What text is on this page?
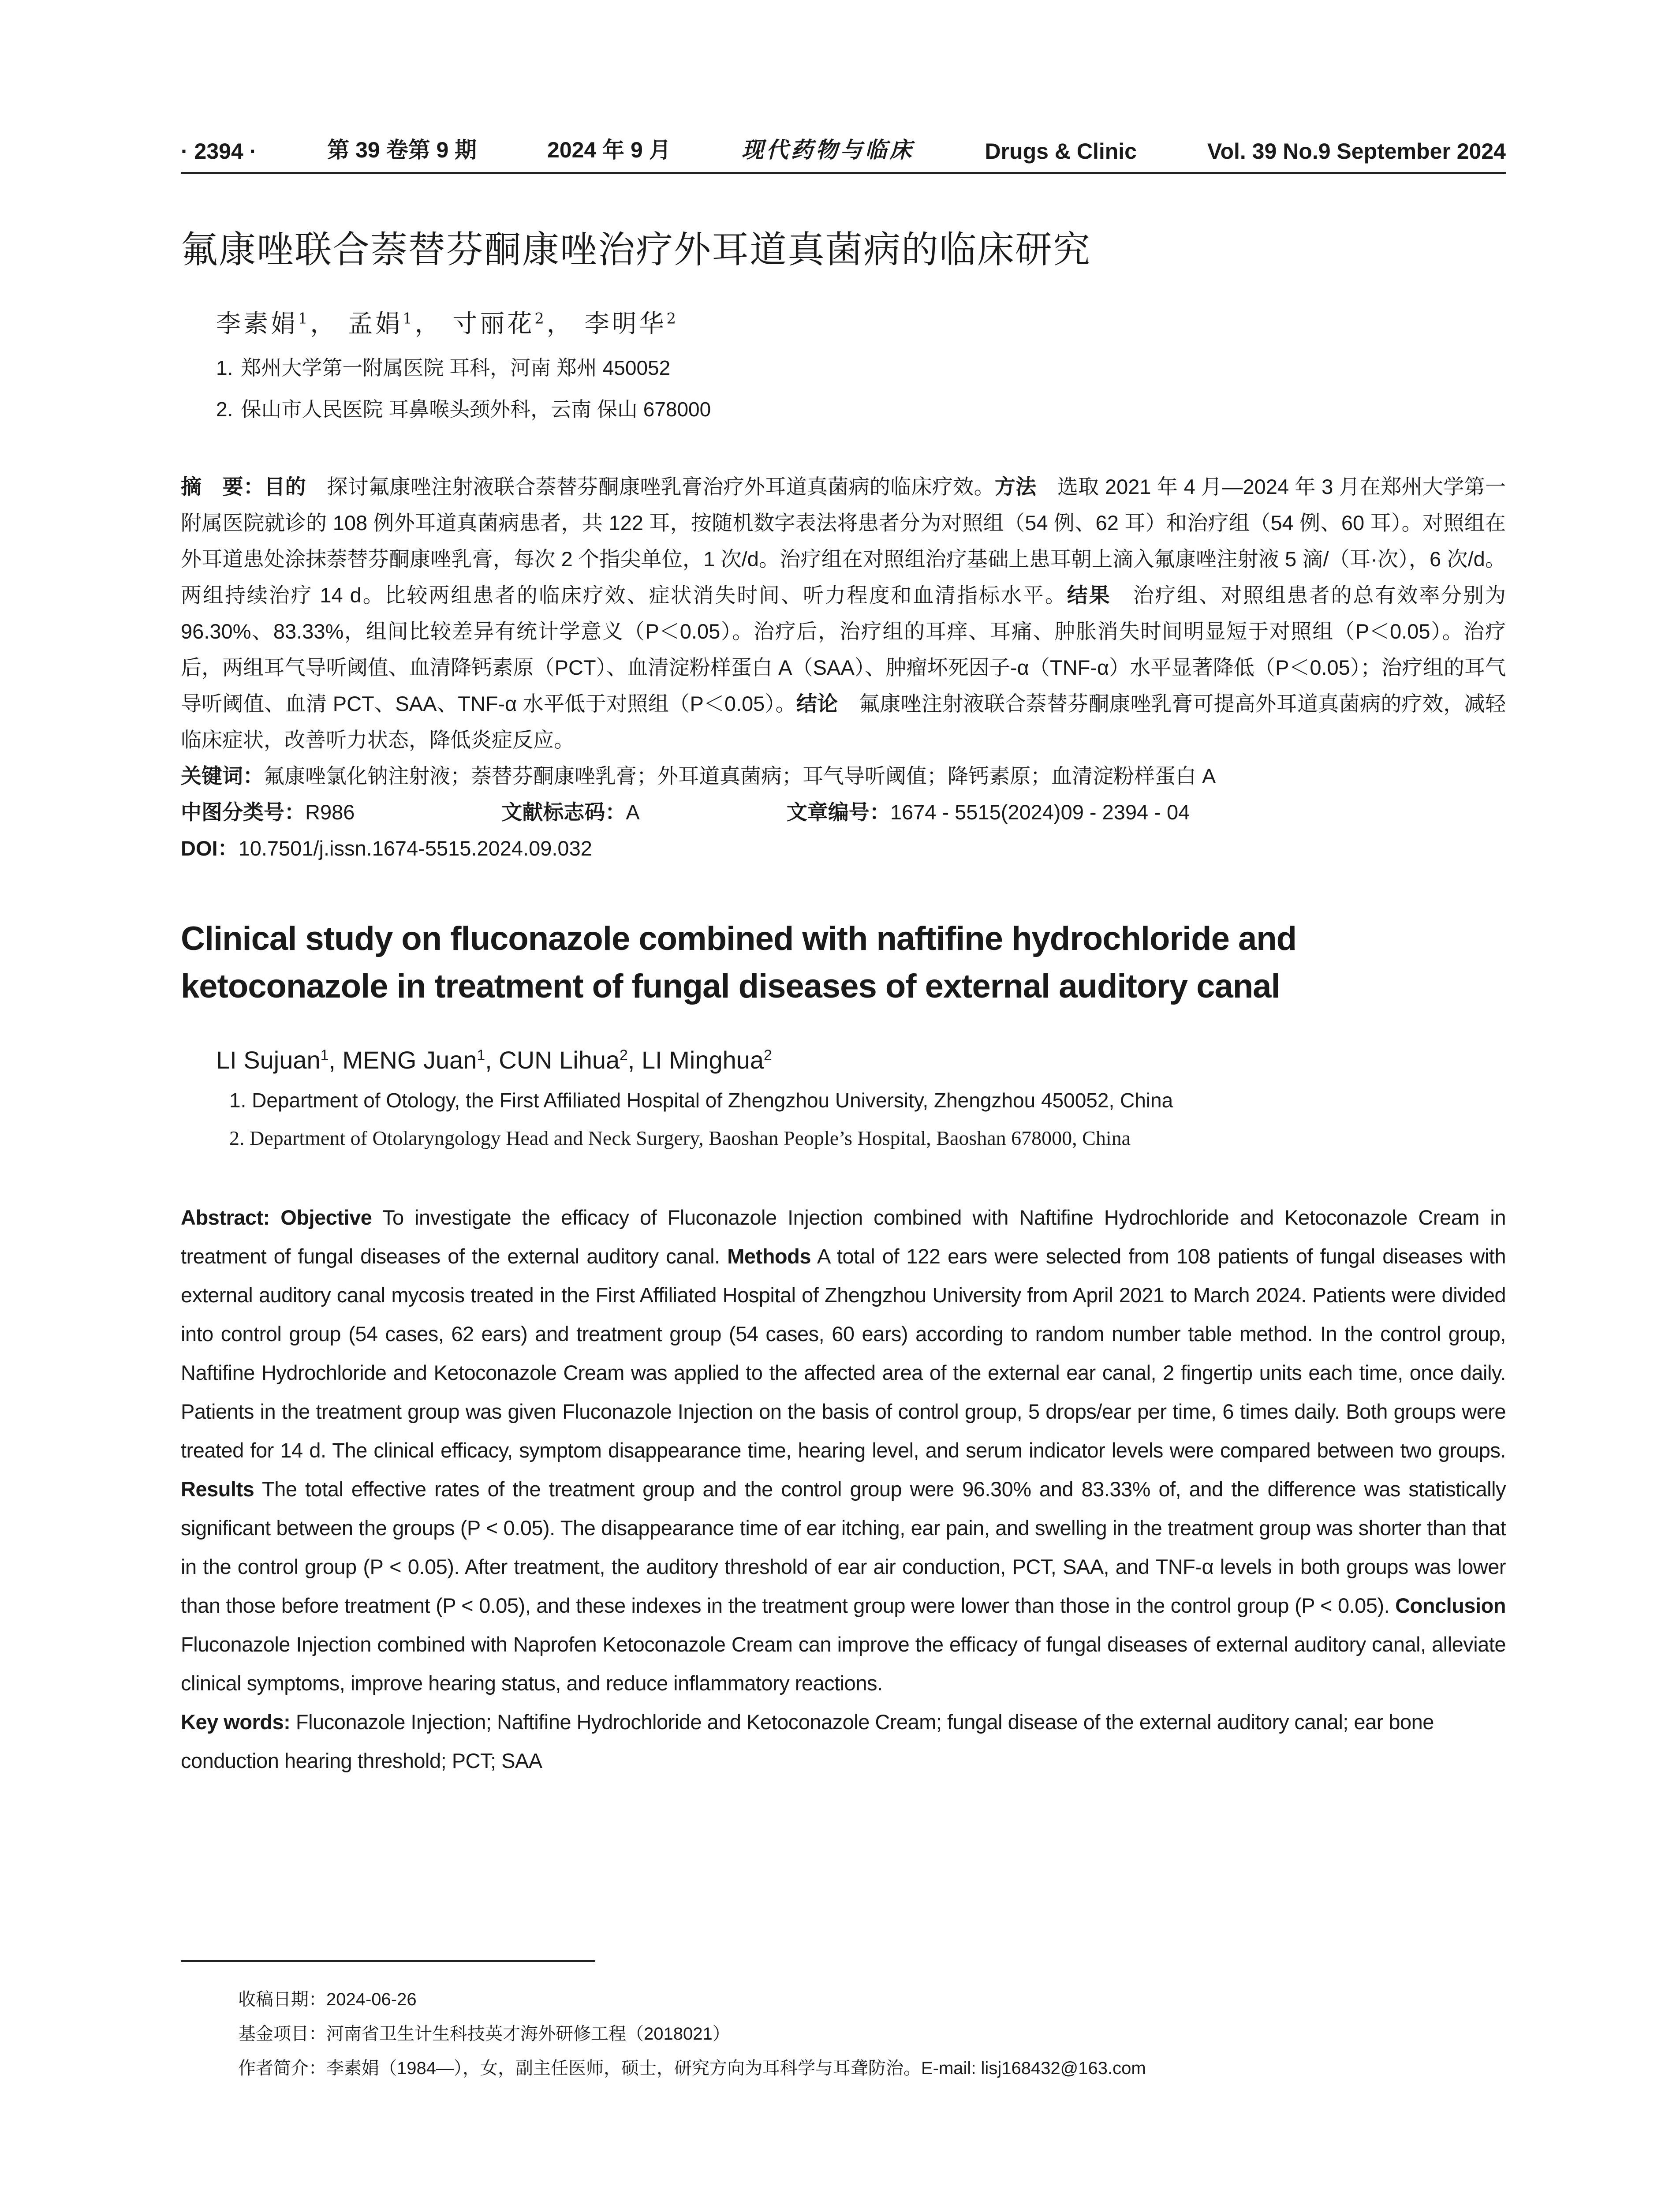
· 2394 ·	第 39 卷第 9 期	2024 年 9 月	现代药物与临床	Drugs & Clinic	Vol. 39 No.9 September 2024
氟康唑联合萘替芬酮康唑治疗外耳道真菌病的临床研究
李素娟$^1$， 孟娟$^1$， 寸丽花$^2$， 李明华$^2$
1. 郑州大学第一附属医院 耳科，河南 郑州 450052
2. 保山市人民医院 耳鼻喉头颈外科，云南 保山 678000
摘　要：目的　探讨氟康唑注射液联合萘替芬酮康唑乳膏治疗外耳道真菌病的临床疗效。方法　选取 2021 年 4 月—2024 年 3 月在郑州大学第一附属医院就诊的 108 例外耳道真菌病患者，共 122 耳，按随机数字表法将患者分为对照组（54 例、62 耳）和治疗组（54 例、60 耳）。对照组在外耳道患处涂抹萘替芬酮康唑乳膏，每次 2 个指尖单位，1 次/d。治疗组在对照组治疗基础上患耳朝上滴入氟康唑注射液 5 滴/（耳·次），6 次/d。两组持续治疗 14 d。比较两组患者的临床疗效、症状消失时间、听力程度和血清指标水平。结果　治疗组、对照组患者的总有效率分别为 96.30%、83.33%，组间比较差异有统计学意义（P＜0.05）。治疗后，治疗组的耳痒、耳痛、肿胀消失时间明显短于对照组（P＜0.05）。治疗后，两组耳气导听阈值、血清降钙素原（PCT）、血清淀粉样蛋白 A（SAA）、肿瘤坏死因子-α（TNF-α）水平显著降低（P＜0.05）；治疗组的耳气导听阈值、血清 PCT、SAA、TNF-α 水平低于对照组（P＜0.05）。结论　氟康唑注射液联合萘替芬酮康唑乳膏可提高外耳道真菌病的疗效，减轻临床症状，改善听力状态，降低炎症反应。
关键词：氟康唑氯化钠注射液；萘替芬酮康唑乳膏；外耳道真菌病；耳气导听阈值；降钙素原；血清淀粉样蛋白 A
中图分类号：R986	文献标志码：A	文章编号：1674 - 5515(2024)09 - 2394 - 04
DOI：10.7501/j.issn.1674-5515.2024.09.032
Clinical study on fluconazole combined with naftifine hydrochloride and ketoconazole in treatment of fungal diseases of external auditory canal
LI Sujuan$^1$, MENG Juan$^1$, CUN Lihua$^2$, LI Minghua$^2$
1. Department of Otology, the First Affiliated Hospital of Zhengzhou University, Zhengzhou 450052, China
2. Department of Otolaryngology Head and Neck Surgery, Baoshan People’s Hospital, Baoshan 678000, China
Abstract: Objective To investigate the efficacy of Fluconazole Injection combined with Naftifine Hydrochloride and Ketoconazole Cream in treatment of fungal diseases of the external auditory canal. Methods A total of 122 ears were selected from 108 patients of fungal diseases with external auditory canal mycosis treated in the First Affiliated Hospital of Zhengzhou University from April 2021 to March 2024. Patients were divided into control group (54 cases, 62 ears) and treatment group (54 cases, 60 ears) according to random number table method. In the control group, Naftifine Hydrochloride and Ketoconazole Cream was applied to the affected area of the external ear canal, 2 fingertip units each time, once daily. Patients in the treatment group was given Fluconazole Injection on the basis of control group, 5 drops/ear per time, 6 times daily. Both groups were treated for 14 d. The clinical efficacy, symptom disappearance time, hearing level, and serum indicator levels were compared between two groups. Results The total effective rates of the treatment group and the control group were 96.30% and 83.33% of, and the difference was statistically significant between the groups (P < 0.05). The disappearance time of ear itching, ear pain, and swelling in the treatment group was shorter than that in the control group (P < 0.05). After treatment, the auditory threshold of ear air conduction, PCT, SAA, and TNF-α levels in both groups was lower than those before treatment (P < 0.05), and these indexes in the treatment group were lower than those in the control group (P < 0.05). Conclusion Fluconazole Injection combined with Naprofen Ketoconazole Cream can improve the efficacy of fungal diseases of external auditory canal, alleviate clinical symptoms, improve hearing status, and reduce inflammatory reactions.
Key words: Fluconazole Injection; Naftifine Hydrochloride and Ketoconazole Cream; fungal disease of the external auditory canal; ear bone conduction hearing threshold; PCT; SAA
收稿日期：2024-06-26
基金项目：河南省卫生计生科技英才海外研修工程（2018021）
作者简介：李素娟（1984—），女，副主任医师，硕士，研究方向为耳科学与耳聋防治。E-mail: lisj168432@163.com
